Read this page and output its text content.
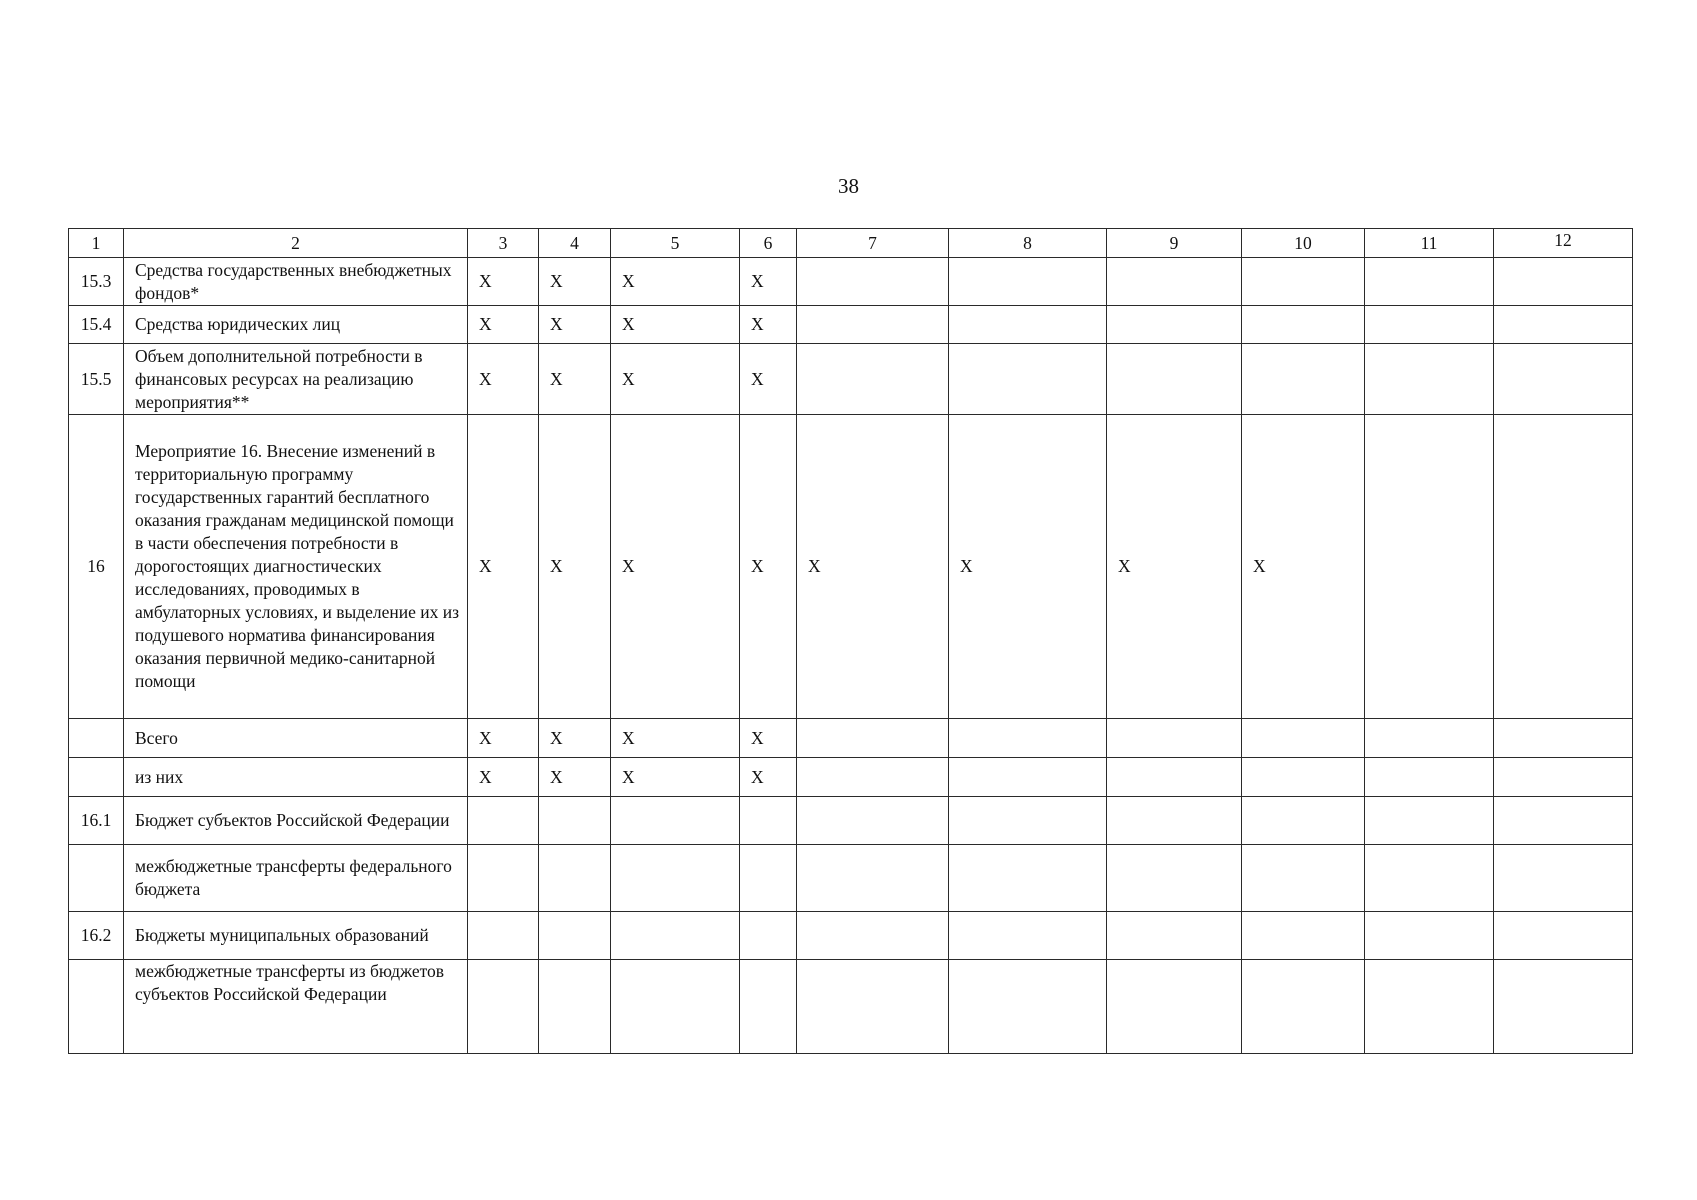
38
1	2	3	4	5	6	7	8	9	10	11	12
15.3	Средства государственных внебюджетных фондов*	X	X	X	X						
15.4	Средства юридических лиц	X	X	X	X						
15.5	Объем дополнительной потребности в финансовых ресурсах на реализацию мероприятия**	X	X	X	X						
16	Мероприятие 16. Внесение изменений в территориальную программу государственных гарантий бесплатного оказания гражданам медицинской помощи в части обеспечения потребности в дорогостоящих диагностических исследованиях, проводимых в амбулаторных условиях, и выделение их из подушевого норматива финансирования оказания первичной медико-санитарной помощи	X	X	X	X	X	X	X	X		
	Всего	X	X	X	X						
	из них	X	X	X	X						
16.1	Бюджет субъектов Российской Федерации										
	межбюджетные трансферты федерального бюджета										
16.2	Бюджеты муниципальных образований										
	межбюджетные трансферты из бюджетов субъектов Российской Федерации										
